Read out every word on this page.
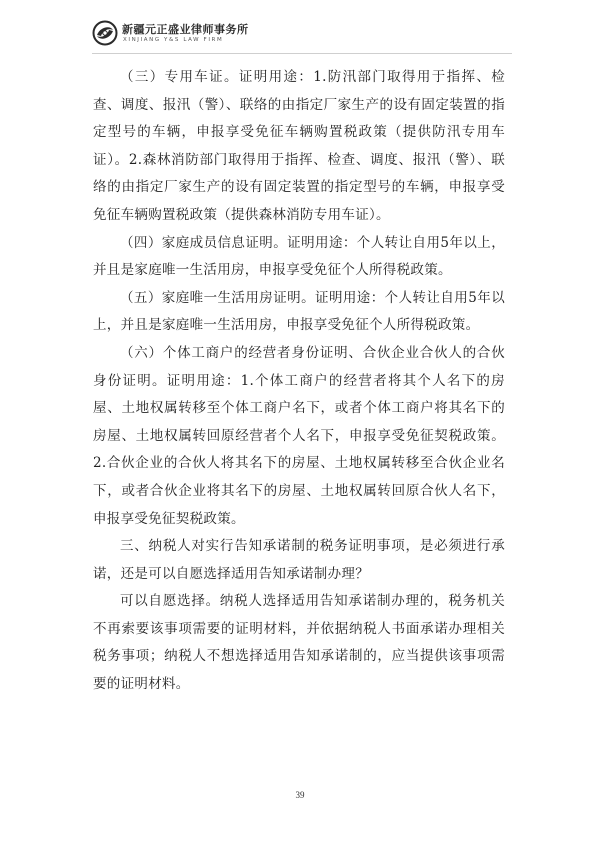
新疆元正盛业律师事务所
XINJIANG Y&S LAW FIRM

（三）专用车证。证明用途：1.防汛部门取得用于指挥、检查、调度、报汛（警）、联络的由指定厂家生产的设有固定装置的指定型号的车辆，申报享受免征车辆购置税政策（提供防汛专用车证）。2.森林消防部门取得用于指挥、检查、调度、报汛（警）、联络的由指定厂家生产的设有固定装置的指定型号的车辆，申报享受免征车辆购置税政策（提供森林消防专用车证）。

（四）家庭成员信息证明。证明用途：个人转让自用5年以上，并且是家庭唯一生活用房，申报享受免征个人所得税政策。

（五）家庭唯一生活用房证明。证明用途：个人转让自用5年以上，并且是家庭唯一生活用房，申报享受免征个人所得税政策。

（六）个体工商户的经营者身份证明、合伙企业合伙人的合伙身份证明。证明用途：1.个体工商户的经营者将其个人名下的房屋、土地权属转移至个体工商户名下，或者个体工商户将其名下的房屋、土地权属转回原经营者个人名下，申报享受免征契税政策。2.合伙企业的合伙人将其名下的房屋、土地权属转移至合伙企业名下，或者合伙企业将其名下的房屋、土地权属转回原合伙人名下，申报享受免征契税政策。

三、纳税人对实行告知承诺制的税务证明事项，是必须进行承诺，还是可以自愿选择适用告知承诺制办理？

可以自愿选择。纳税人选择适用告知承诺制办理的，税务机关不再索要该事项需要的证明材料，并依据纳税人书面承诺办理相关税务事项；纳税人不想选择适用告知承诺制的，应当提供该事项需要的证明材料。

39
